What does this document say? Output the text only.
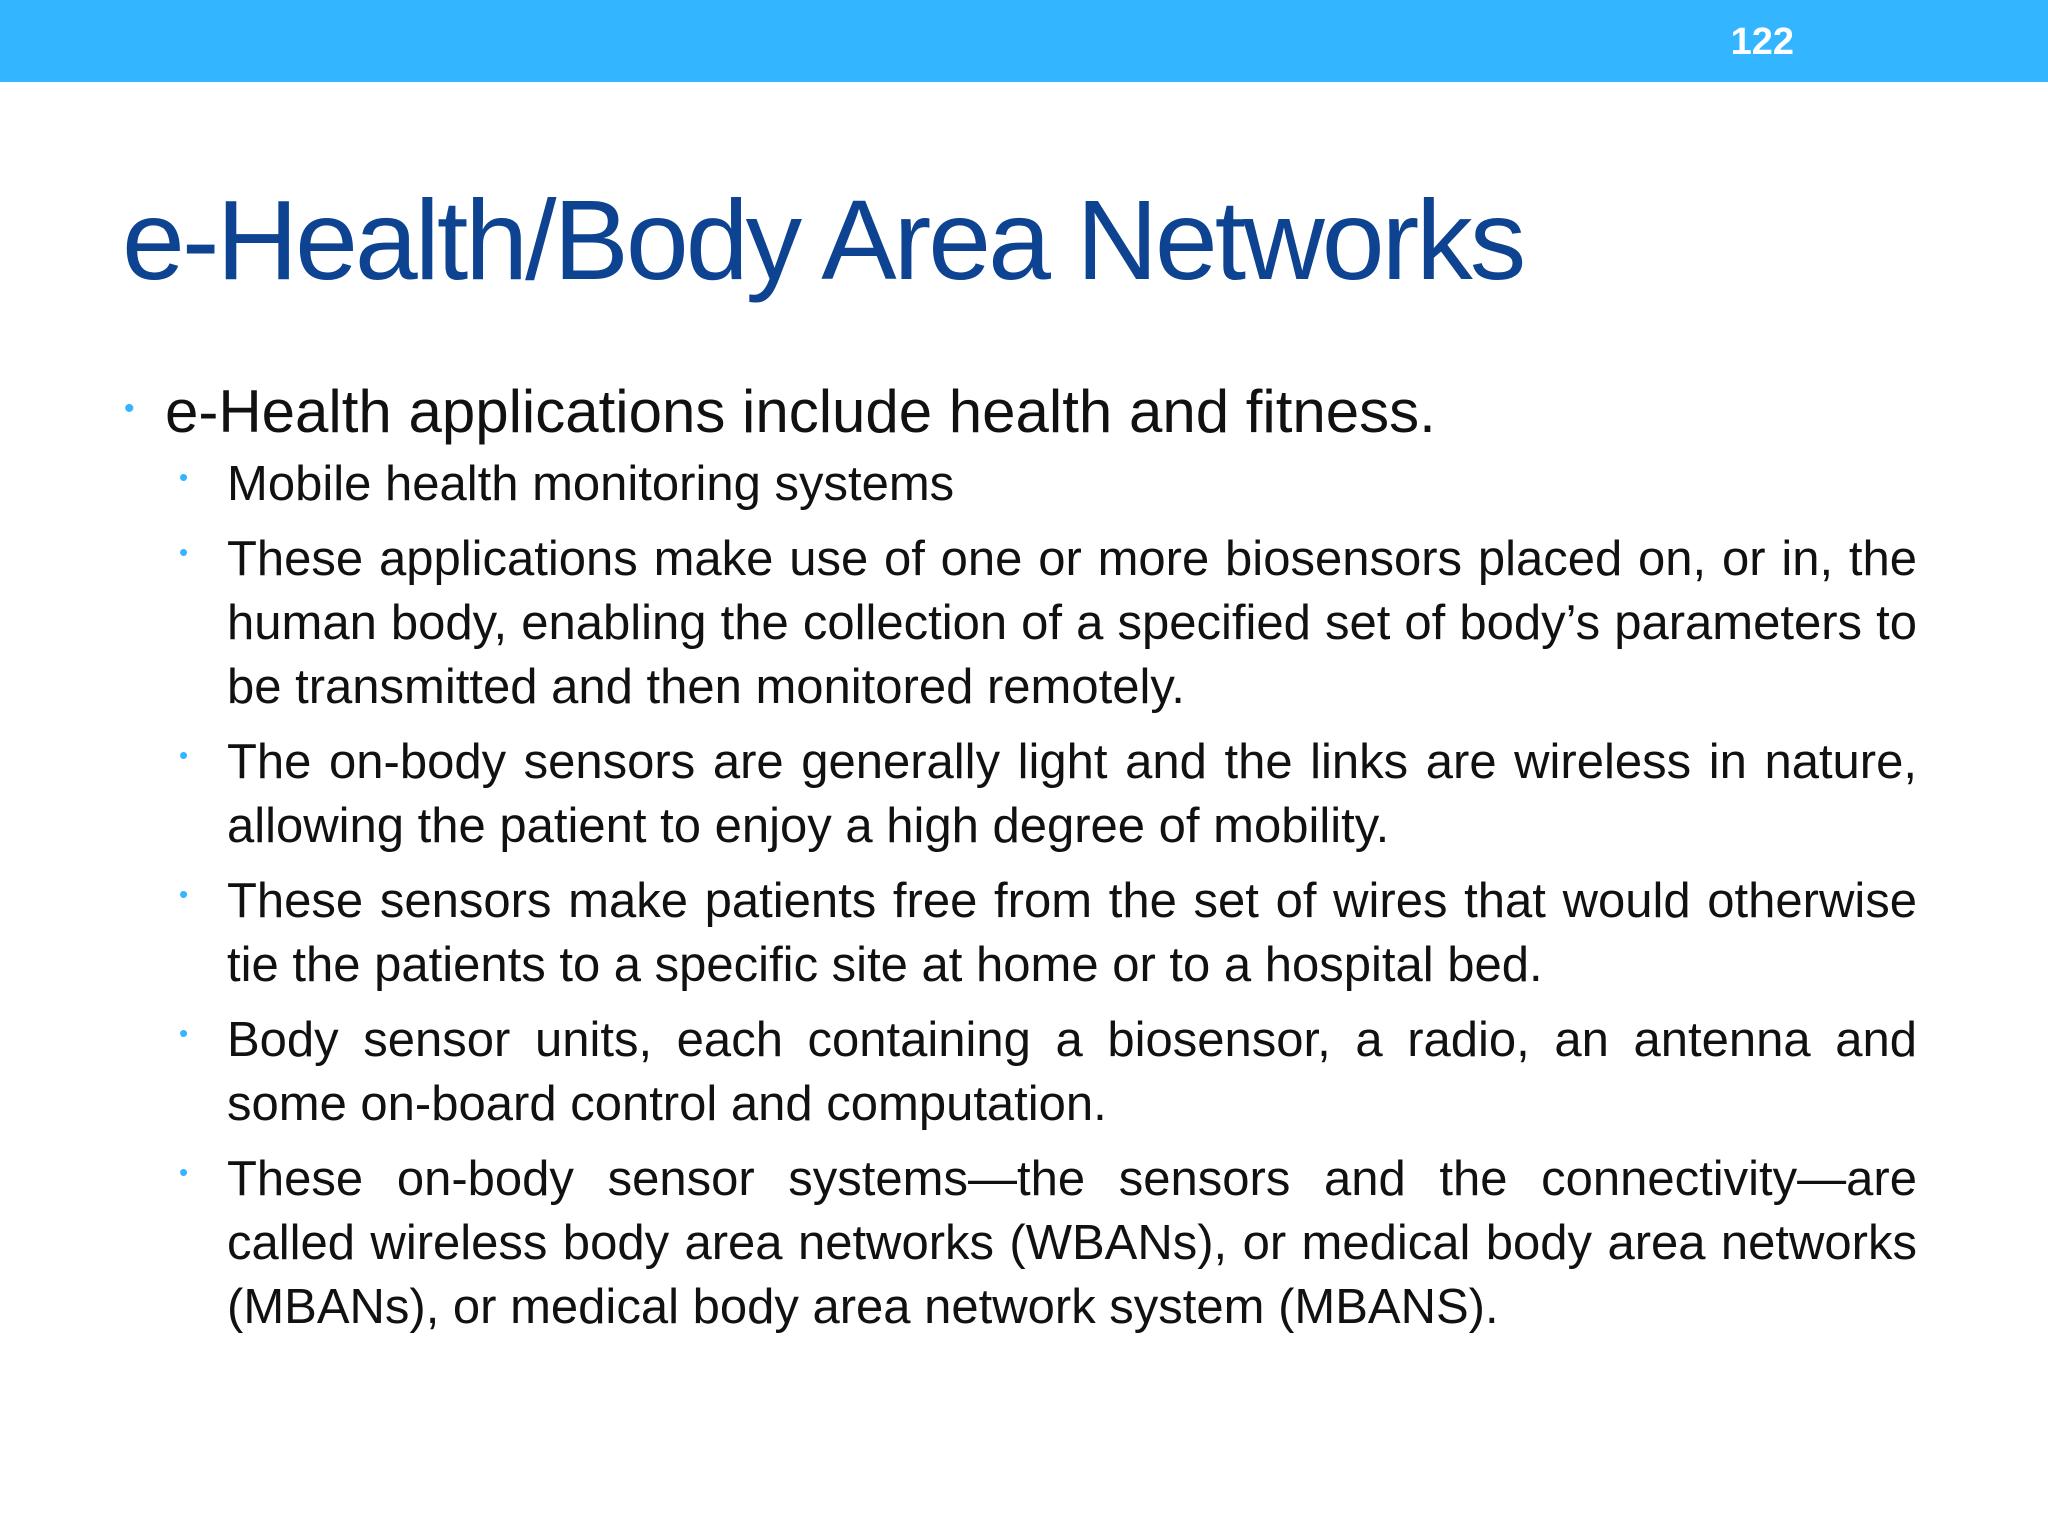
122
e-Health/Body Area Networks
• e-Health applications include health and fitness.
• Mobile health monitoring systems
• These applications make use of one or more biosensors placed on, or in, the human body, enabling the collection of a specified set of body’s parameters to be transmitted and then monitored remotely.
• The on-body sensors are generally light and the links are wireless in nature, allowing the patient to enjoy a high degree of mobility.
• These sensors make patients free from the set of wires that would otherwise tie the patients to a specific site at home or to a hospital bed.
• Body sensor units, each containing a biosensor, a radio, an antenna and some on-board control and computation.
• These on-body sensor systems—the sensors and the connectivity—are called wireless body area networks (WBANs), or medical body area networks (MBANs), or medical body area network system (MBANS).
